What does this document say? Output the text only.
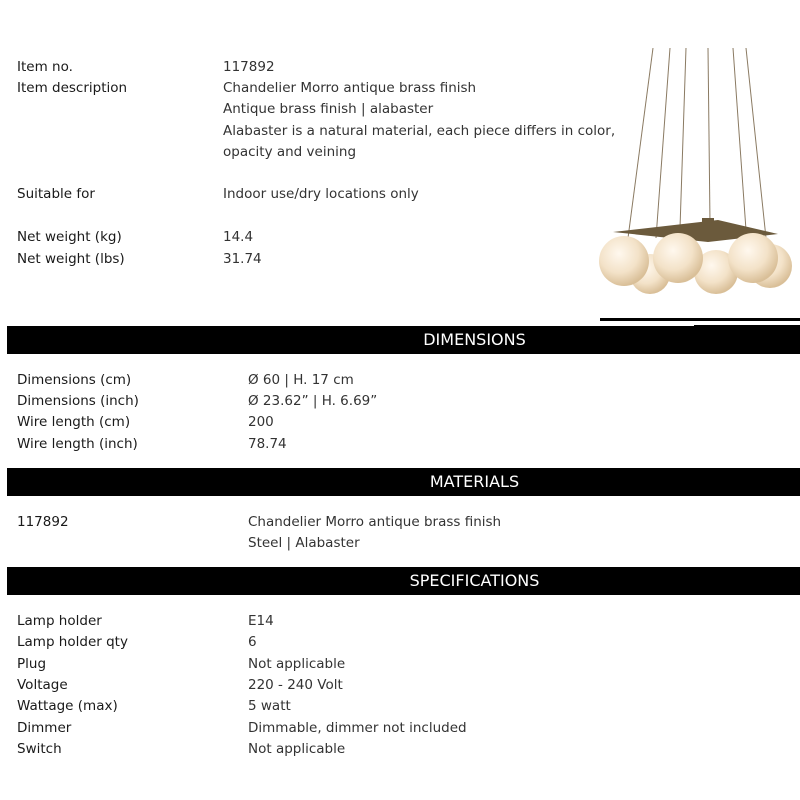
Item no.	117892
Item description	Chandelier Morro antique brass finish
Antique brass finish | alabaster
Alabaster is a natural material, each piece differs in color,
opacity and veining
Suitable for	Indoor use/dry locations only
Net weight (kg)	14.4
Net weight (lbs)	31.74
DIMENSIONS
Dimensions (cm)	Ø 60 | H. 17 cm
Dimensions (inch)	Ø 23.62” | H. 6.69”
Wire length (cm)	200
Wire length (inch)	78.74
MATERIALS
117892	Chandelier Morro antique brass finish
Steel | Alabaster
SPECIFICATIONS
Lamp holder	E14
Lamp holder qty	6
Plug	Not applicable
Voltage	220 - 240 Volt
Wattage (max)	5 watt
Dimmer	Dimmable, dimmer not included
Switch	Not applicable
